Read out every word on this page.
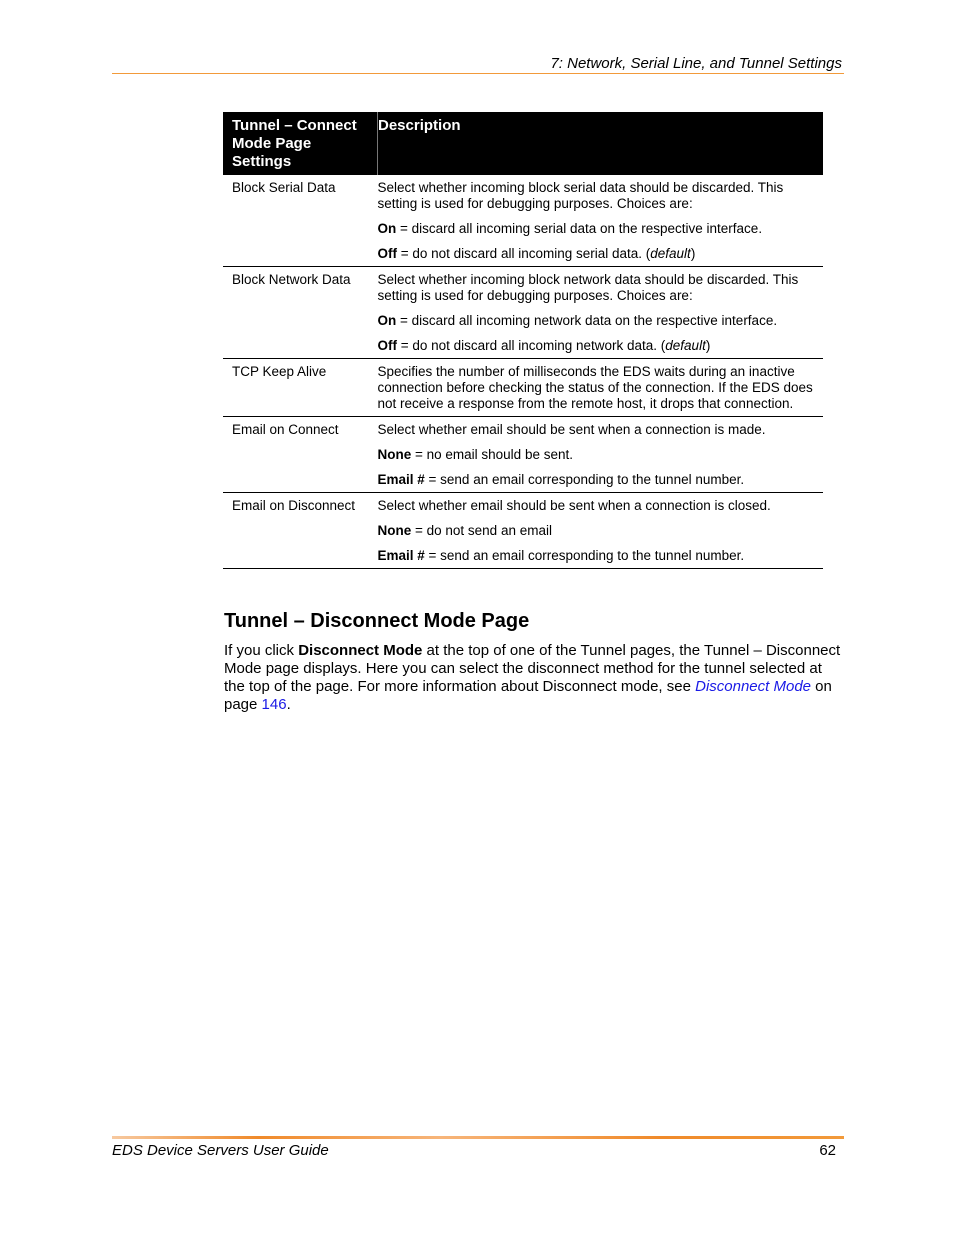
7: Network, Serial Line, and Tunnel Settings
Tunnel – Connect Mode Page Settings	Description
Block Serial Data	Select whether incoming block serial data should be discarded. This setting is used for debugging purposes. Choices are:

On = discard all incoming serial data on the respective interface.

Off = do not discard all incoming serial data. (default)

Block Network Data	Select whether incoming block network data should be discarded. This setting is used for debugging purposes. Choices are:

On = discard all incoming network data on the respective interface.

Off = do not discard all incoming network data. (default)

TCP Keep Alive	Specifies the number of milliseconds the EDS waits during an inactive connection before checking the status of the connection. If the EDS does not receive a response from the remote host, it drops that connection.

Email on Connect	Select whether email should be sent when a connection is made.

None = no email should be sent.

Email # = send an email corresponding to the tunnel number.

Email on Disconnect	Select whether email should be sent when a connection is closed.

None = do not send an email

Email # = send an email corresponding to the tunnel number.

Tunnel – Disconnect Mode Page

If you click Disconnect Mode at the top of one of the Tunnel pages, the Tunnel – Disconnect Mode page displays. Here you can select the disconnect method for the tunnel selected at the top of the page. For more information about Disconnect mode, see Disconnect Mode on page 146.

EDS Device Servers User Guide	62
